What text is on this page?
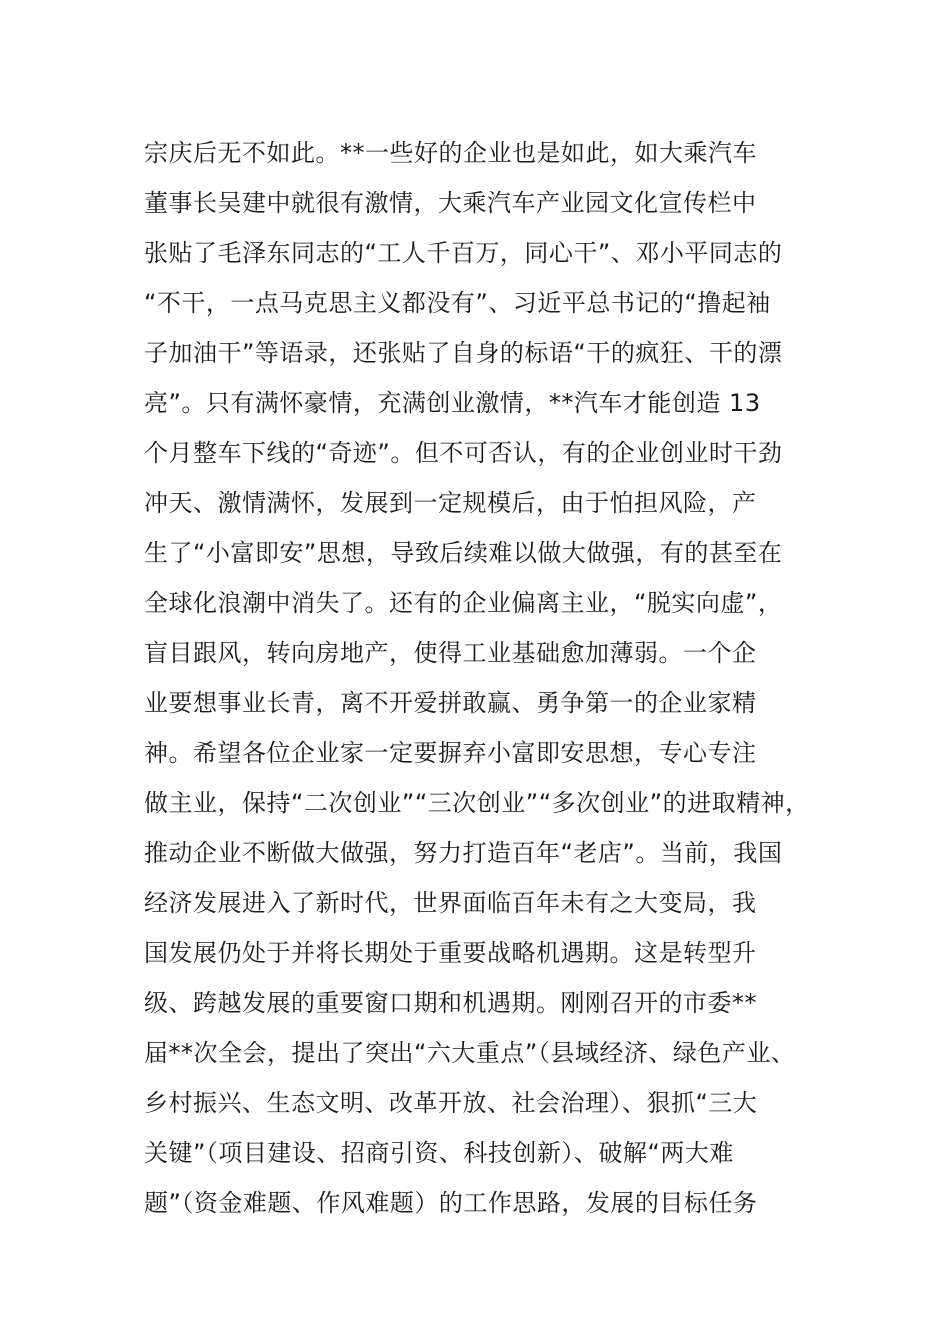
宗庆后无不如此。**一些好的企业也是如此，如大乘汽车
董事长吴建中就很有激情，大乘汽车产业园文化宣传栏中
张贴了毛泽东同志的“工人千百万，同心干”、邓小平同志的
“不干，一点马克思主义都没有”、习近平总书记的“撸起袖
子加油干”等语录，还张贴了自身的标语“干的疯狂、干的漂
亮”。只有满怀豪情，充满创业激情，**汽车才能创造 13
个月整车下线的“奇迹”。但不可否认，有的企业创业时干劲
冲天、激情满怀，发展到一定规模后，由于怕担风险，产
生了“小富即安”思想，导致后续难以做大做强，有的甚至在
全球化浪潮中消失了。还有的企业偏离主业，“脱实向虚”，
盲目跟风，转向房地产，使得工业基础愈加薄弱。一个企
业要想事业长青，离不开爱拼敢赢、勇争第一的企业家精
神。希望各位企业家一定要摒弃小富即安思想，专心专注
做主业，保持“二次创业”“三次创业”“多次创业”的进取精神，
推动企业不断做大做强，努力打造百年“老店”。当前，我国
经济发展进入了新时代，世界面临百年未有之大变局，我
国发展仍处于并将长期处于重要战略机遇期。这是转型升
级、跨越发展的重要窗口期和机遇期。刚刚召开的市委**
届**次全会，提出了突出“六大重点”（县域经济、绿色产业、
乡村振兴、生态文明、改革开放、社会治理）、狠抓“三大
关键”（项目建设、招商引资、科技创新）、破解“两大难
题”（资金难题、作风难题）的工作思路，发展的目标任务
